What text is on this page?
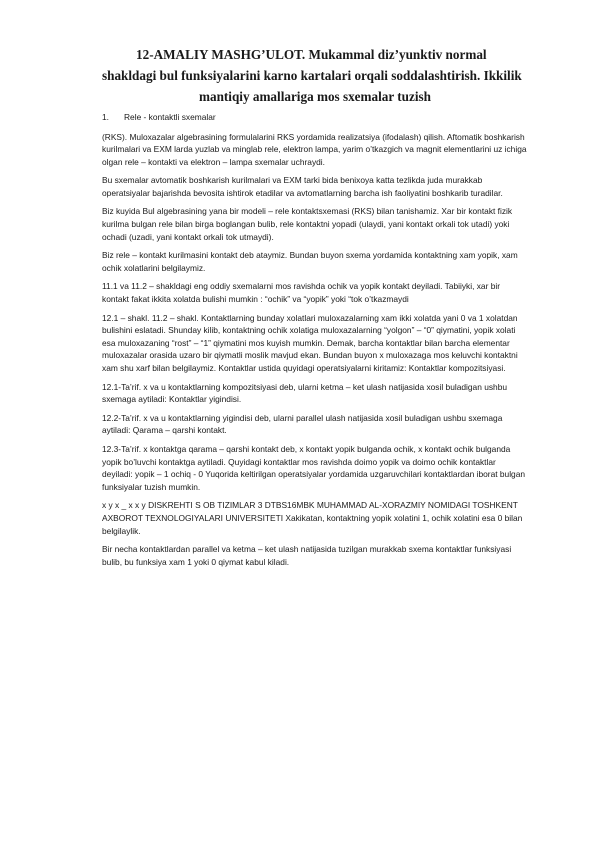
12-AMALIY MASHG’ULOT. Mukammal diz’yunktiv normal
shakldagi bul funksiyalarini karno kartalari orqali soddalashtirish. Ikkilik
mantiqiy amallariga mos sxemalar tuzish
1.	Rele - kontaktli sxemalar

(RKS). Muloxazalar algebrasining formulalarini RKS yordamida realizatsiya (ifodalash) qilish. Aftomatik boshkarish kurilmalari va EXM larda yuzlab va minglab rele, elektron lampa, yarim o’tkazgich va magnit elementlarini uz ichiga olgan rele – kontakti va elektron – lampa sxemalar uchraydi.

Bu sxemalar avtomatik boshkarish kurilmalari va EXM tarki bida benixoya katta tezlikda juda murakkab operatsiyalar bajarishda bevosita ishtirok etadilar va avtomatlarning barcha ish faoliyatini boshkarib turadilar.

Biz kuyida Bul algebrasining yana bir modeli – rele kontaktsxemasi (RKS) bilan tanishamiz. Xar bir kontakt fizik kurilma bulgan rele bilan birga boglangan bulib, rele kontaktni yopadi (ulaydi, yani kontakt orkali tok utadi) yoki ochadi (uzadi, yani kontakt orkali tok utmaydi).

Biz rele – kontakt kurilmasini kontakt deb ataymiz. Bundan buyon sxema yordamida kontaktning xam yopik, xam ochik xolatlarini belgilaymiz.

11.1 va 11.2 – shakldagi eng oddiy sxemalarni mos ravishda ochik va yopik kontakt deyiladi. Tabiiyki, xar bir kontakt fakat ikkita xolatda bulishi mumkin : “ochik” va “yopik” yoki “tok o’tkazmaydi

12.1 – shakl. 11.2 – shakl. Kontaktlarning bunday xolatlari muloxazalarning xam ikki xolatda yani 0 va 1 xolatdan bulishini eslatadi. Shunday kilib, kontaktning ochik xolatiga muloxazalarning “yolgon” – “0” qiymatini, yopik xolati esa muloxazaning “rost” – “1” qiymatini mos kuyish mumkin. Demak, barcha kontaktlar bilan barcha elementar muloxazalar orasida uzaro bir qiymatli moslik mavjud ekan. Bundan buyon x muloxazaga mos keluvchi kontaktni xam shu xarf bilan belgilaymiz. Kontaktlar ustida quyidagi operatsiyalarni kiritamiz: Kontaktlar kompozitsiyasi.

12.1-Ta’rif. x va u kontaktlarning kompozitsiyasi deb, ularni ketma – ket ulash natijasida xosil buladigan ushbu sxemaga aytiladi: Kontaktlar yigindisi.

12.2-Ta’rif. x va u kontaktlarning yigindisi deb, ularni parallel ulash natijasida xosil buladigan ushbu sxemaga aytiladi: Qarama – qarshi kontakt.

12.3-Ta’rif. x kontaktga qarama – qarshi kontakt deb, x kontakt yopik bulganda ochik, x kontakt ochik bulganda yopik bo’luvchi kontaktga aytiladi. Quyidagi kontaktlar mos ravishda doimo yopik va doimo ochik kontaktlar deyiladi: yopik – 1 ochiq - 0 Yuqorida keltirilgan operatsiyalar yordamida uzgaruvchilari kontaktlardan iborat bulgan funksiyalar tuzish mumkin.

x y x _ x x y DISKREHTI S OB TIZIMLAR 3 DTBS16MBK MUHAMMAD AL-XORAZMIY NOMIDAGI TOSHKENT AXBOROT TEXNOLOGIYALARI UNIVERSITETI Xakikatan, kontaktning yopik xolatini 1, ochik xolatini esa 0 bilan belgilaylik.

Bir necha kontaktlardan parallel va ketma – ket ulash natijasida tuzilgan murakkab sxema kontaktlar funksiyasi bulib, bu funksiya xam 1 yoki 0 qiymat kabul kiladi.
